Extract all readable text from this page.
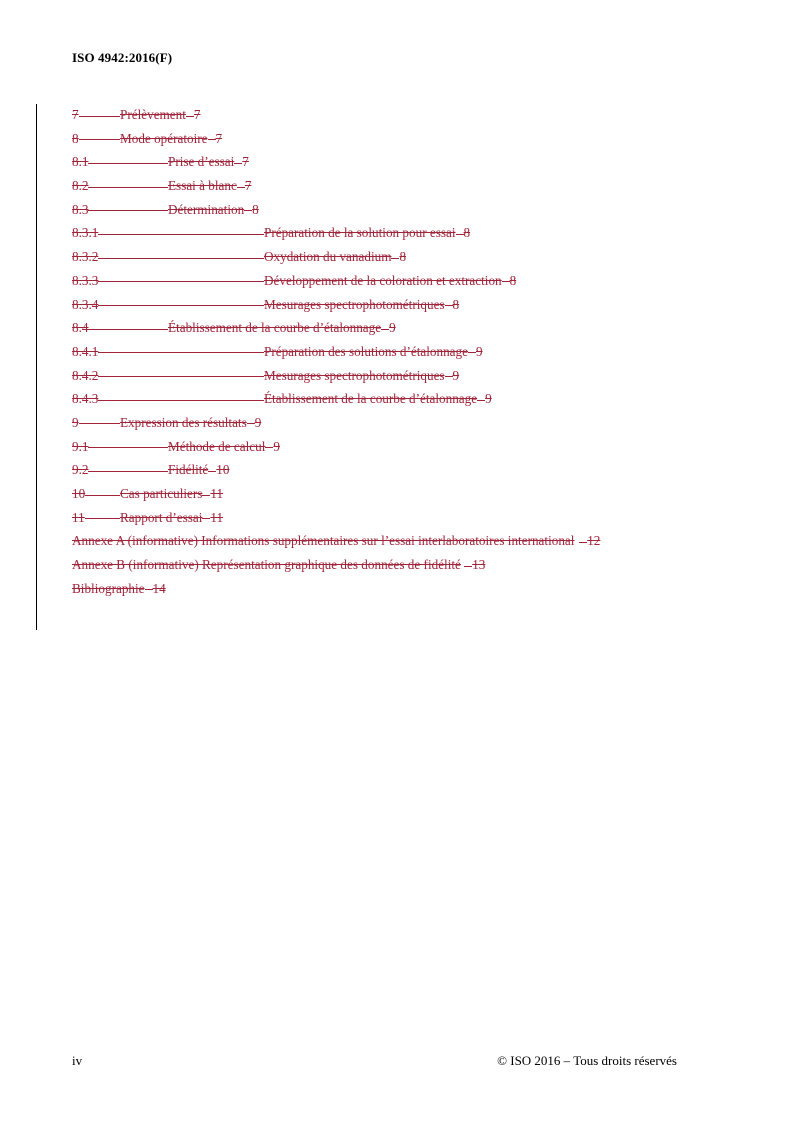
ISO 4942:2016(F)
7	Prélèvement 7
8	Mode opératoire 7
8.1	Prise d’essai 7
8.2	Essai à blanc 7
8.3	Détermination 8
8.3.1	Préparation de la solution pour essai 8
8.3.2	Oxydation du vanadium 8
8.3.3	Développement de la coloration et extraction 8
8.3.4	Mesurages spectrophotométriques 8
8.4	Établissement de la courbe d’étalonnage 9
8.4.1	Préparation des solutions d’étalonnage 9
8.4.2	Mesurages spectrophotométriques 9
8.4.3	Établissement de la courbe d’étalonnage 9
9	Expression des résultats 9
9.1	Méthode de calcul 9
9.2	Fidélité 10
10	Cas particuliers 11
11	Rapport d’essai 11
Annexe A (informative) Informations supplémentaires sur l’essai interlaboratoires international 12
Annexe B (informative) Représentation graphique des données de fidélité 13
Bibliographie 14
iv	© ISO 2016 – Tous droits réservés
